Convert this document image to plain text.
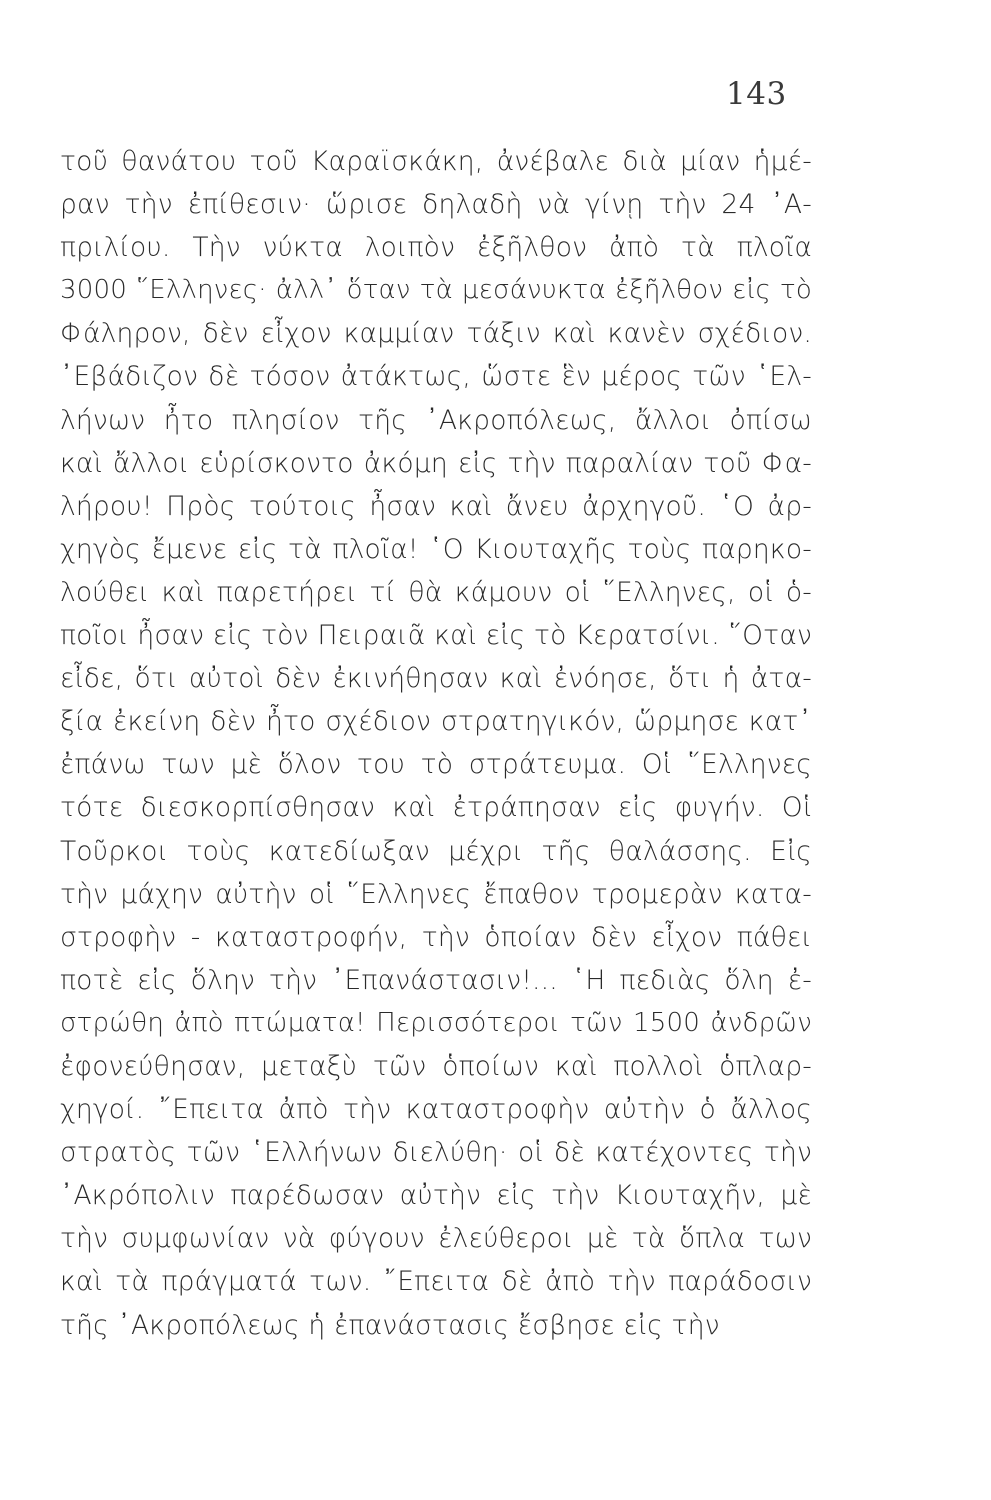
143
τοῦ θανάτου τοῦ Καραϊσκάκη, ἀνέβαλε διὰ μίαν ἡμέ-
ραν τὴν ἐπίθεσιν· ὥρισε δηλαδὴ νὰ γίνῃ τὴν 24 ᾿Α-
πριλίου. Τὴν νύκτα λοιπὸν ἐξῆλθον ἀπὸ τὰ πλοῖα
3000 ῞Ελληνες· ἀλλ᾿ ὅταν τὰ μεσάνυκτα ἐξῆλθον εἰς τὸ
Φάληρον, δὲν εἶχον καμμίαν τάξιν καὶ κανὲν σχέδιον.
᾿Εβάδιζον δὲ τόσον ἀτάκτως, ὥστε ἓν μέρος τῶν ῾Ελ-
λήνων ἦτο πλησίον τῆς ᾿Ακροπόλεως, ἄλλοι ὀπίσω
καὶ ἄλλοι εὑρίσκοντο ἀκόμη εἰς τὴν παραλίαν τοῦ Φα-
λήρου! Πρὸς τούτοις ἦσαν καὶ ἄνευ ἀρχηγοῦ. ῾Ο ἀρ-
χηγὸς ἔμενε εἰς τὰ πλοῖα! ῾Ο Κιουταχῆς τοὺς παρηκο-
λούθει καὶ παρετήρει τί θὰ κάμουν οἱ ῞Ελληνες, οἱ ὁ-
ποῖοι ἦσαν εἰς τὸν Πειραιᾶ καὶ εἰς τὸ Κερατσίνι. ῞Οταν
εἶδε, ὅτι αὐτοὶ δὲν ἐκινήθησαν καὶ ἐνόησε, ὅτι ἡ ἀτα-
ξία ἐκείνη δὲν ἦτο σχέδιον στρατηγικόν, ὥρμησε κατ᾿
ἐπάνω των μὲ ὅλον του τὸ στράτευμα. Οἱ ῞Ελληνες
τότε διεσκορπίσθησαν καὶ ἐτράπησαν εἰς φυγήν. Οἱ
Τοῦρκοι τοὺς κατεδίωξαν μέχρι τῆς θαλάσσης. Εἰς
τὴν μάχην αὐτὴν οἱ ῞Ελληνες ἔπαθον τρομερὰν κατα-
στροφὴν - καταστροφήν, τὴν ὁποίαν δὲν εἶχον πάθει
ποτὲ εἰς ὅλην τὴν ᾿Επανάστασιν!... ῾Η πεδιὰς ὅλη ἐ-
στρώθη ἀπὸ πτώματα! Περισσότεροι τῶν 1500 ἀνδρῶν
ἐφονεύθησαν, μεταξὺ τῶν ὁποίων καὶ πολλοὶ ὁπλαρ-
χηγοί. ῎Επειτα ἀπὸ τὴν καταστροφὴν αὐτὴν ὁ ἄλλος
στρατὸς τῶν ῾Ελλήνων διελύθη· οἱ δὲ κατέχοντες τὴν
᾿Ακρόπολιν παρέδωσαν αὐτὴν εἰς τὴν Κιουταχῆν, μὲ
τὴν συμφωνίαν νὰ φύγουν ἐλεύθεροι μὲ τὰ ὅπλα των
καὶ τὰ πράγματά των. ῎Επειτα δὲ ἀπὸ τὴν παράδοσιν
τῆς ᾿Ακροπόλεως ἡ ἐπανάστασις ἔσβησε εἰς τὴν
